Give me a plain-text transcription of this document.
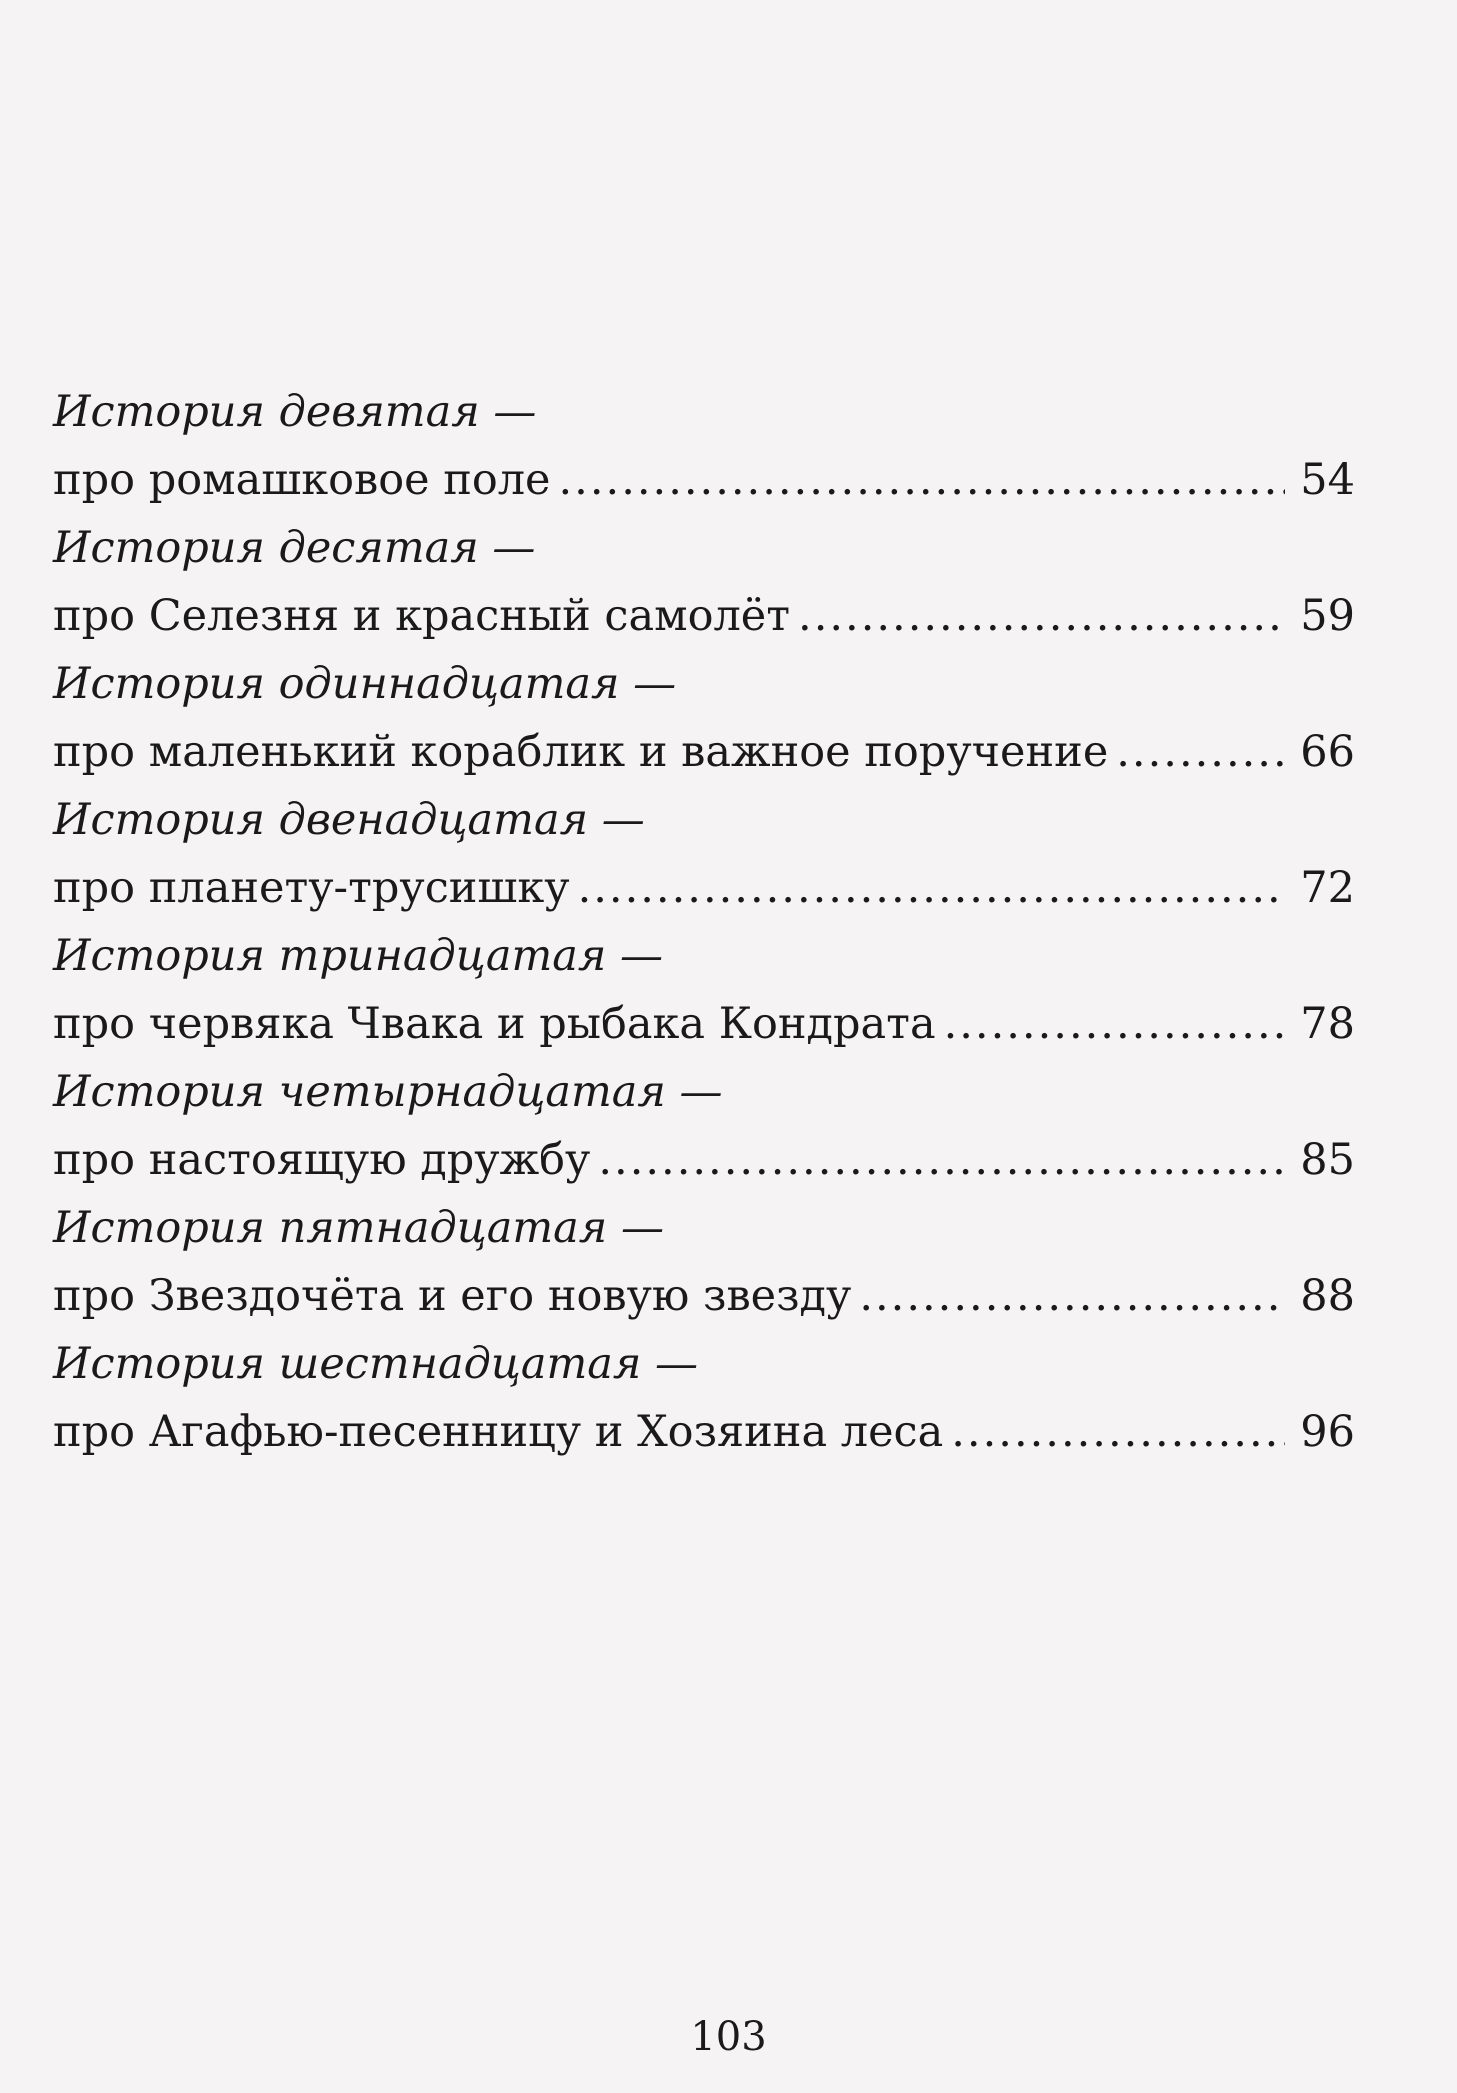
История девятая —
про ромашковое поле .....	54
История десятая —
про Селезня и красный самолёт .....	59
История одиннадцатая —
про маленький кораблик и важное поручение .....	66
История двенадцатая —
про планету-трусишку .....	72
История тринадцатая —
про червяка Чвака и рыбака Кондрата .....	78
История четырнадцатая —
про настоящую дружбу .....	85
История пятнадцатая —
про Звездочёта и его новую звезду .....	88
История шестнадцатая —
про Агафью-песенницу и Хозяина леса .....	96
103
